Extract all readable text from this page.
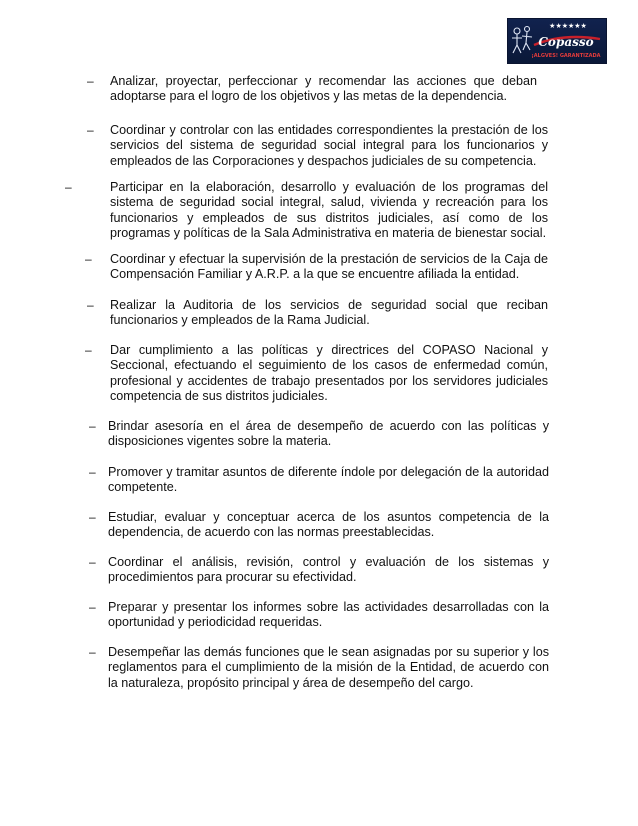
★★★★★★
Copasso
¡ALGVES! GARANTIZADA
– Analizar, proyectar, perfeccionar y recomendar las acciones que deban adoptarse para el logro de los objetivos y las metas de la dependencia.
– Coordinar y controlar con las entidades correspondientes la prestación de los servicios del sistema de seguridad social integral para los funcionarios y empleados de las Corporaciones y despachos judiciales de su competencia.
–	Participar en la elaboración, desarrollo y evaluación de los programas del sistema de seguridad social integral, salud, vivienda y recreación para los funcionarios y empleados de sus distritos judiciales, así como de los programas y políticas de la Sala Administrativa en materia de bienestar social.
– Coordinar y efectuar la supervisión de la prestación de servicios de la Caja de Compensación Familiar y A.R.P. a la que se encuentre afiliada la entidad.
– Realizar la Auditoria de los servicios de seguridad social que reciban funcionarios y empleados de la Rama Judicial.
– Dar cumplimiento a las políticas y directrices del COPASO Nacional y Seccional, efectuando el seguimiento de los casos de enfermedad común, profesional y accidentes de trabajo presentados por los servidores judiciales competencia de sus distritos judiciales.
– Brindar asesoría en el área de desempeño de acuerdo con las políticas y disposiciones vigentes sobre la materia.
– Promover y tramitar asuntos de diferente índole por delegación de la autoridad competente.
– Estudiar, evaluar y conceptuar acerca de los asuntos competencia de la dependencia, de acuerdo con las normas preestablecidas.
– Coordinar el análisis, revisión, control y evaluación de los sistemas y procedimientos para procurar su efectividad.
– Preparar y presentar los informes sobre las actividades desarrolladas con la oportunidad y periodicidad requeridas.
– Desempeñar las demás funciones que le sean asignadas por su superior y los reglamentos para el cumplimiento de la misión de la Entidad, de acuerdo con la naturaleza, propósito principal y área de desempeño del cargo.
